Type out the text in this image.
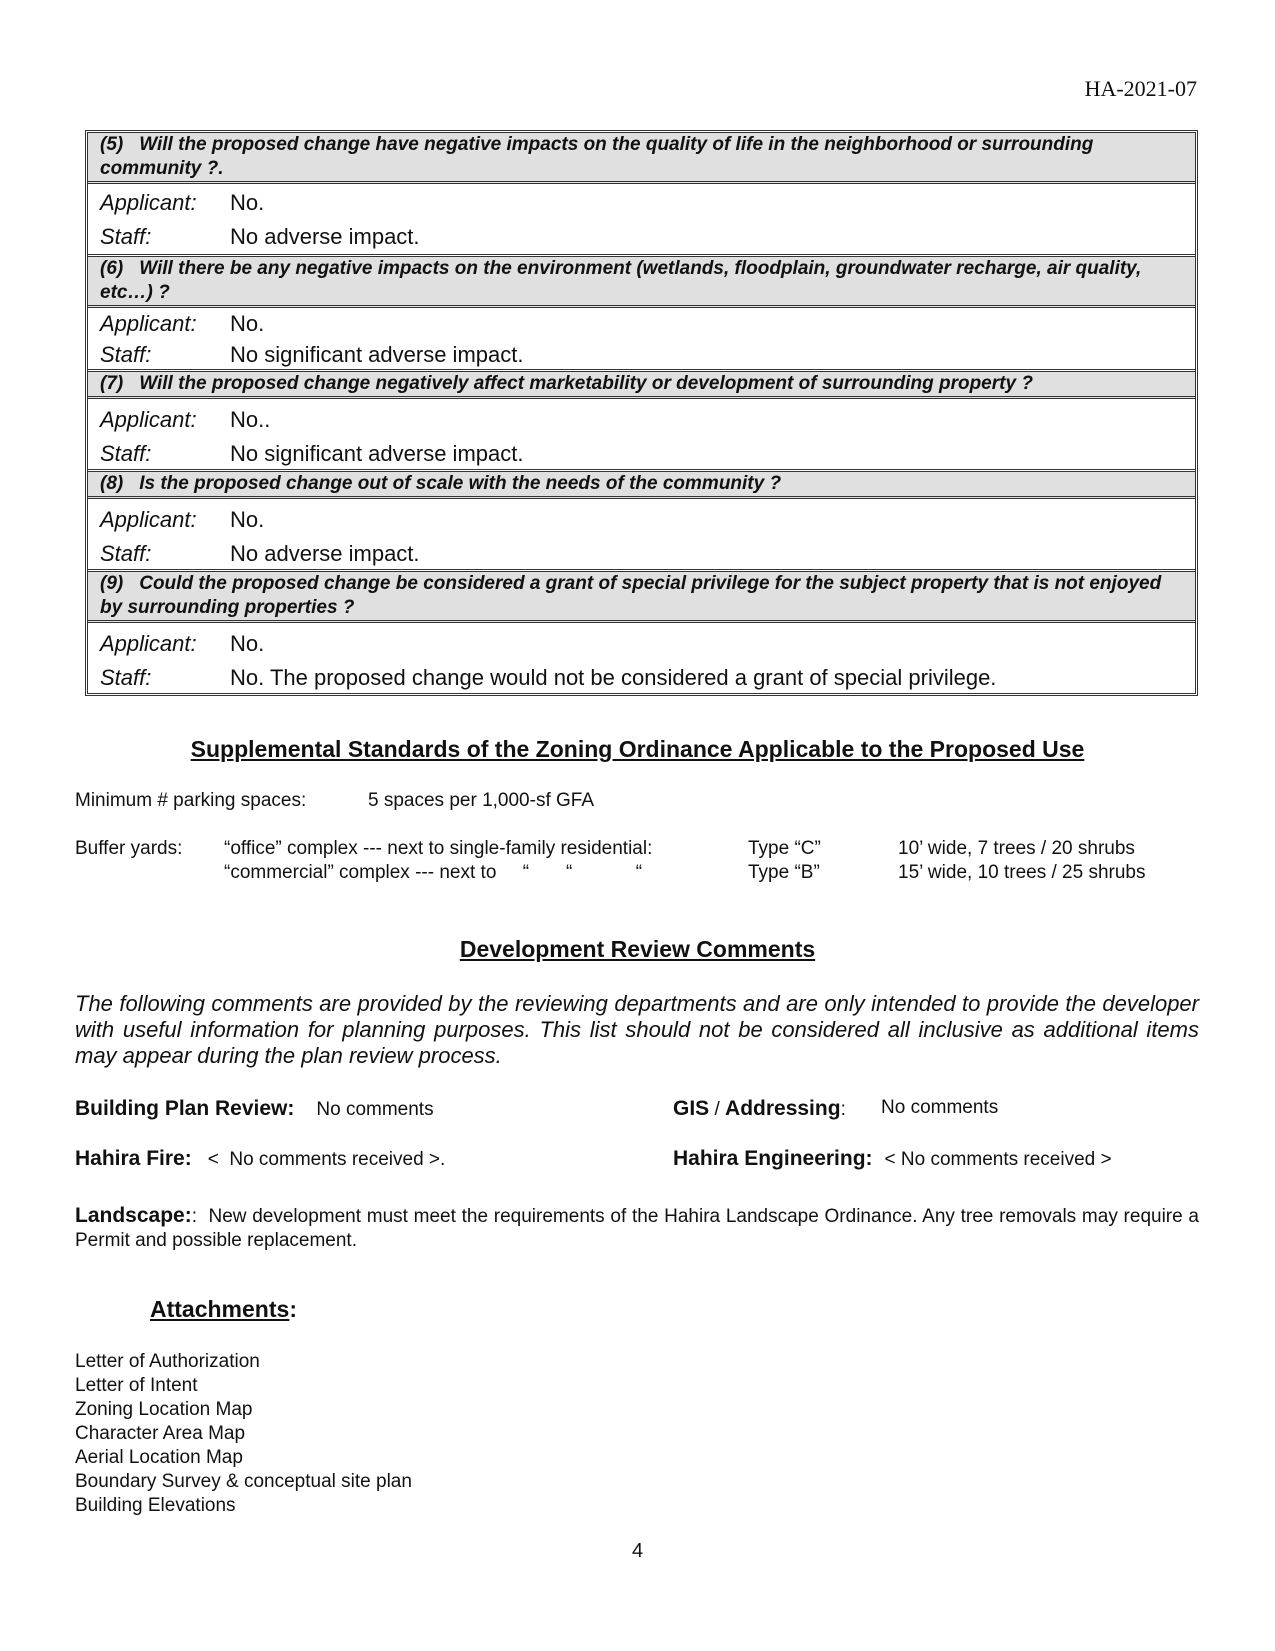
HA-2021-07
(5) Will the proposed change have negative impacts on the quality of life in the neighborhood or surrounding community ?.
Applicant:	No.
Staff:	No adverse impact.
(6) Will there be any negative impacts on the environment (wetlands, floodplain, groundwater recharge, air quality, etc…) ?
Applicant:	No.
Staff:	No significant adverse impact.
(7) Will the proposed change negatively affect marketability or development of surrounding property ?
Applicant:	No..
Staff:	No significant adverse impact.
(8) Is the proposed change out of scale with the needs of the community ?
Applicant:	No.
Staff:	No adverse impact.
(9) Could the proposed change be considered a grant of special privilege for the subject property that is not enjoyed by surrounding properties ?
Applicant:	No.
Staff:	No. The proposed change would not be considered a grant of special privilege.
Supplemental Standards of the Zoning Ordinance Applicable to the Proposed Use
Minimum # parking spaces:	5 spaces per 1,000-sf GFA
Buffer yards: “office” complex --- next to single-family residential:	Type “C”	10’ wide, 7 trees / 20 shrubs
“commercial” complex --- next to     “       “            “	Type “B”	15’ wide, 10 trees / 25 shrubs
Development Review Comments
The following comments are provided by the reviewing departments and are only intended to provide the developer with useful information for planning purposes. This list should not be considered all inclusive as additional items may appear during the plan review process.
Building Plan Review: No comments	GIS / Addressing: No comments
Hahira Fire: <  No comments received >.	Hahira Engineering: < No comments received >
Landscape:: New development must meet the requirements of the Hahira Landscape Ordinance. Any tree removals may require a Permit and possible replacement.
Attachments:
Letter of Authorization
Letter of Intent
Zoning Location Map
Character Area Map
Aerial Location Map
Boundary Survey & conceptual site plan
Building Elevations
4
